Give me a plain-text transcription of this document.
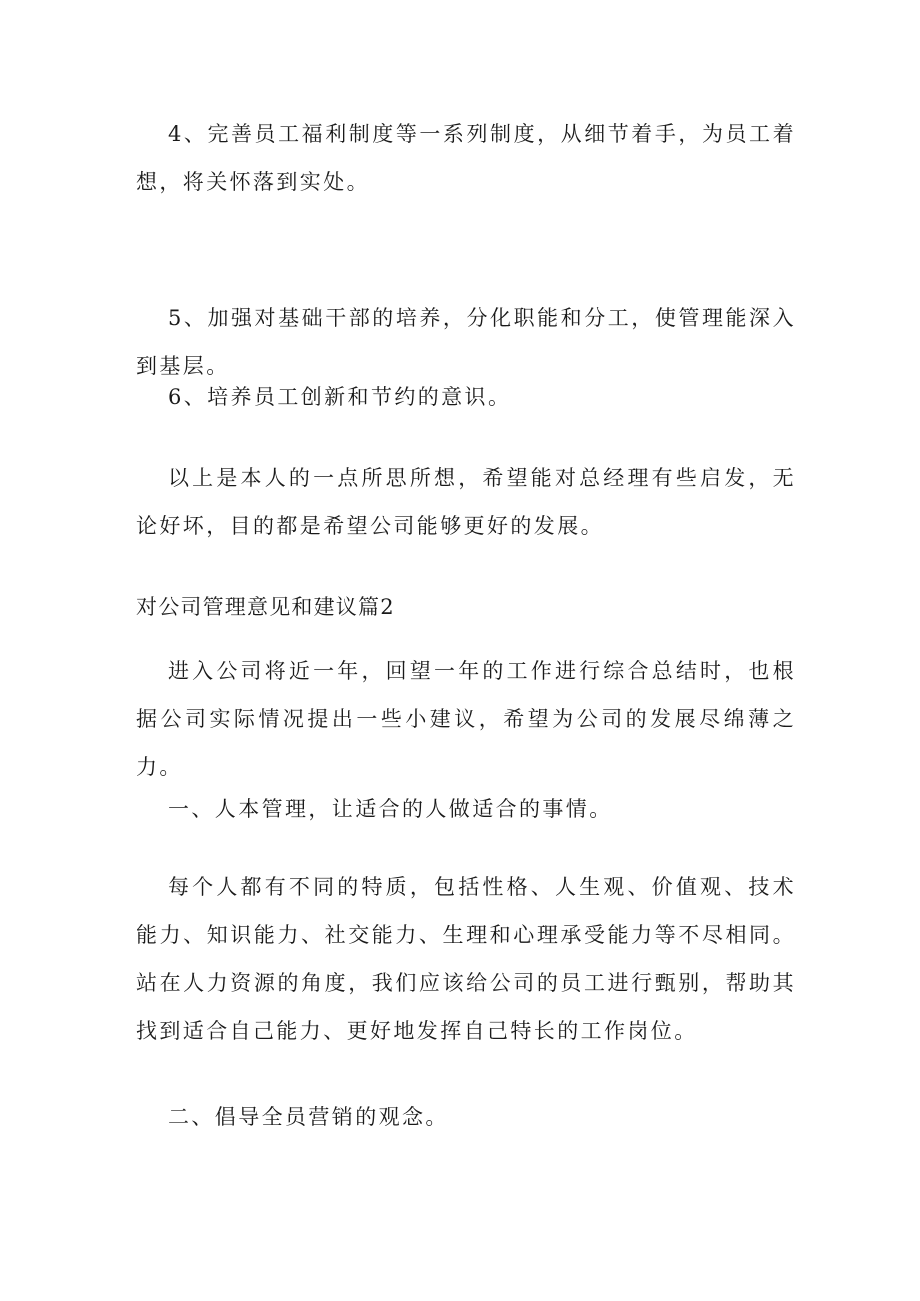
4、完善员工福利制度等一系列制度，从细节着手，为员工着想，将关怀落到实处。

5、加强对基础干部的培养，分化职能和分工，使管理能深入到基层。

6、培养员工创新和节约的意识。

以上是本人的一点所思所想，希望能对总经理有些启发，无论好坏，目的都是希望公司能够更好的发展。

对公司管理意见和建议篇2

进入公司将近一年，回望一年的工作进行综合总结时，也根据公司实际情况提出一些小建议，希望为公司的发展尽绵薄之力。

一、人本管理，让适合的人做适合的事情。

每个人都有不同的特质，包括性格、人生观、价值观、技术能力、知识能力、社交能力、生理和心理承受能力等不尽相同。站在人力资源的角度，我们应该给公司的员工进行甄别，帮助其找到适合自己能力、更好地发挥自己特长的工作岗位。

二、倡导全员营销的观念。
